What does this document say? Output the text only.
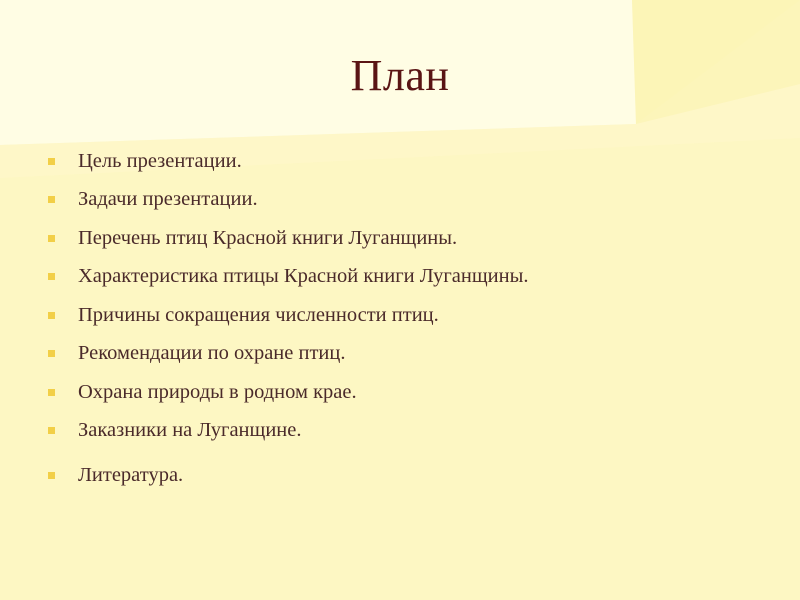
План
Цель презентации.
Задачи презентации.
Перечень птиц Красной книги Луганщины.
Характеристика птицы Красной книги Луганщины.
Причины сокращения численности птиц.
Рекомендации по охране птиц.
Охрана природы в родном крае.
Заказники на Луганщине.
Литература.
